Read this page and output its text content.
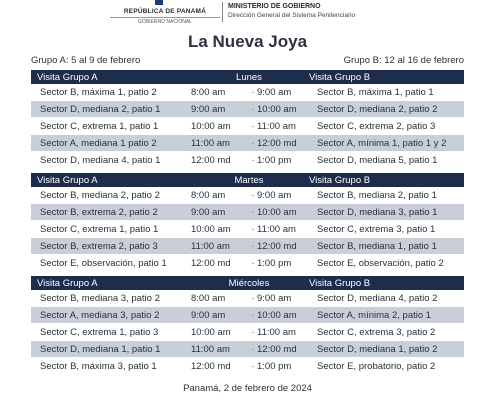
REPÚBLICA DE PANAMÁ
GOBIERNO NACIONAL
MINISTERIO DE GOBIERNO
Dirección General del Sistema Penitenciario
La Nueva Joya
Grupo A: 5 al 9 de febrero	Grupo B: 12 al 16 de febrero
Visita Grupo A	Lunes	Visita Grupo B
Sector B, máxima 1, patio 2	8:00 am	- 9:00 am	Sector B, máxima 1, patio 1
Sector D, mediana 2, patio 1	9:00 am	- 10:00 am	Sector D, mediana 2, patio 2
Sector C, extrema 1, patio 1	10:00 am	- 11:00 am	Sector C, extrema 2, patio 3
Sector A, mediana 1 patio 2	11:00 am	- 12:00 md	Sector A, mínima 1, patio 1 y 2
Sector D, mediana 4, patio 1	12:00 md	- 1:00 pm	Sector D, mediana 5, patio 1
Visita Grupo A	Martes	Visita Grupo B
Sector B, mediana 2, patio 2	8:00 am	- 9:00 am	Sector B, mediana 2, patio 1
Sector B, extrema 2, patio 2	9:00 am	- 10:00 am	Sector D, mediana 3, patio 1
Sector C, extrema 1, patio 1	10:00 am	- 11:00 am	Sector C, extrema 3, patio 1
Sector B, extrema 2, patio 3	11:00 am	- 12:00 md	Sector B, mediana 1, patio 1
Sector E, observación, patio 1	12:00 md	- 1:00 pm	Sector E, observación, patio 2
Visita Grupo A	Miércoles	Visita Grupo B
Sector B, mediana 3, patio 2	8:00 am	- 9:00 am	Sector D, mediana 4, patio 2
Sector A, mediana 3, patio 2	9:00 am	- 10:00 am	Sector A, mínima 2, patio 1
Sector C, extrema 1, patio 3	10:00 am	- 11:00 am	Sector C, extrema 3, patio 2
Sector D, mediana 1, patio 1	11:00 am	- 12:00 md	Sector D, mediana 1, patio 2
Sector B, máxima 3, patio 1	12:00 md	- 1:00 pm	Sector E, probatorio, patio 2
Panamá, 2 de febrero de 2024
